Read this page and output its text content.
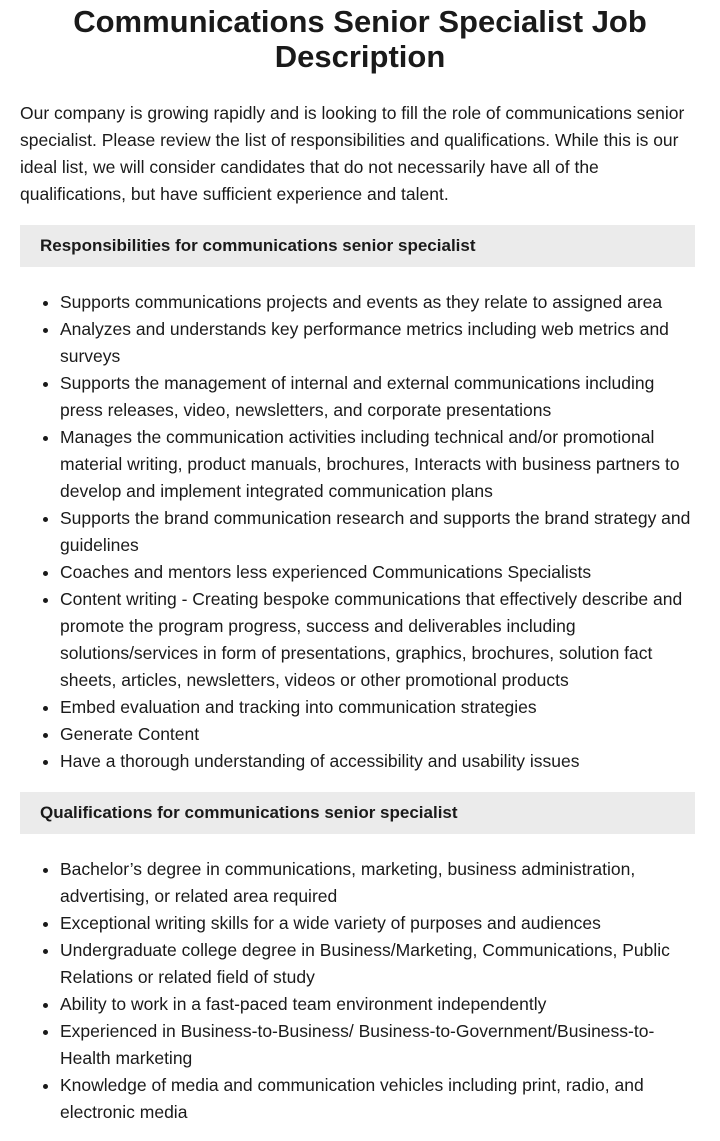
Communications Senior Specialist Job Description

Our company is growing rapidly and is looking to fill the role of communications senior specialist. Please review the list of responsibilities and qualifications. While this is our ideal list, we will consider candidates that do not necessarily have all of the qualifications, but have sufficient experience and talent.

Responsibilities for communications senior specialist
• Supports communications projects and events as they relate to assigned area
• Analyzes and understands key performance metrics including web metrics and surveys
• Supports the management of internal and external communications including press releases, video, newsletters, and corporate presentations
• Manages the communication activities including technical and/or promotional material writing, product manuals, brochures, Interacts with business partners to develop and implement integrated communication plans
• Supports the brand communication research and supports the brand strategy and guidelines
• Coaches and mentors less experienced Communications Specialists
• Content writing - Creating bespoke communications that effectively describe and promote the program progress, success and deliverables including solutions/services in form of presentations, graphics, brochures, solution fact sheets, articles, newsletters, videos or other promotional products
• Embed evaluation and tracking into communication strategies
• Generate Content
• Have a thorough understanding of accessibility and usability issues
Qualifications for communications senior specialist
• Bachelor’s degree in communications, marketing, business administration, advertising, or related area required
• Exceptional writing skills for a wide variety of purposes and audiences
• Undergraduate college degree in Business/Marketing, Communications, Public Relations or related field of study
• Ability to work in a fast-paced team environment independently
• Experienced in Business-to-Business/ Business-to-Government/Business-to-Health marketing
• Knowledge of media and communication vehicles including print, radio, and electronic media
